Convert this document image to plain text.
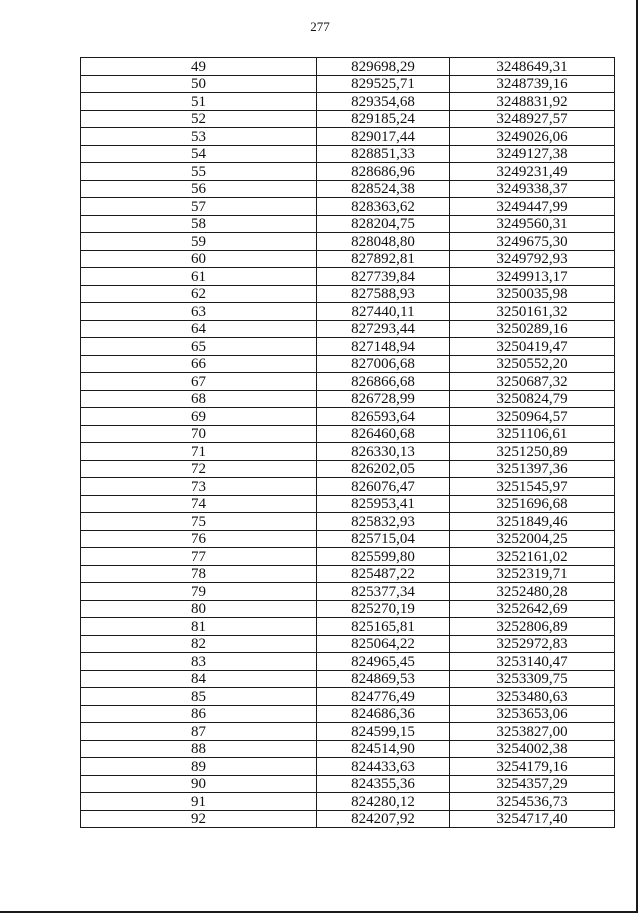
277
49	829698,29	3248649,31
50	829525,71	3248739,16
51	829354,68	3248831,92
52	829185,24	3248927,57
53	829017,44	3249026,06
54	828851,33	3249127,38
55	828686,96	3249231,49
56	828524,38	3249338,37
57	828363,62	3249447,99
58	828204,75	3249560,31
59	828048,80	3249675,30
60	827892,81	3249792,93
61	827739,84	3249913,17
62	827588,93	3250035,98
63	827440,11	3250161,32
64	827293,44	3250289,16
65	827148,94	3250419,47
66	827006,68	3250552,20
67	826866,68	3250687,32
68	826728,99	3250824,79
69	826593,64	3250964,57
70	826460,68	3251106,61
71	826330,13	3251250,89
72	826202,05	3251397,36
73	826076,47	3251545,97
74	825953,41	3251696,68
75	825832,93	3251849,46
76	825715,04	3252004,25
77	825599,80	3252161,02
78	825487,22	3252319,71
79	825377,34	3252480,28
80	825270,19	3252642,69
81	825165,81	3252806,89
82	825064,22	3252972,83
83	824965,45	3253140,47
84	824869,53	3253309,75
85	824776,49	3253480,63
86	824686,36	3253653,06
87	824599,15	3253827,00
88	824514,90	3254002,38
89	824433,63	3254179,16
90	824355,36	3254357,29
91	824280,12	3254536,73
92	824207,92	3254717,40
